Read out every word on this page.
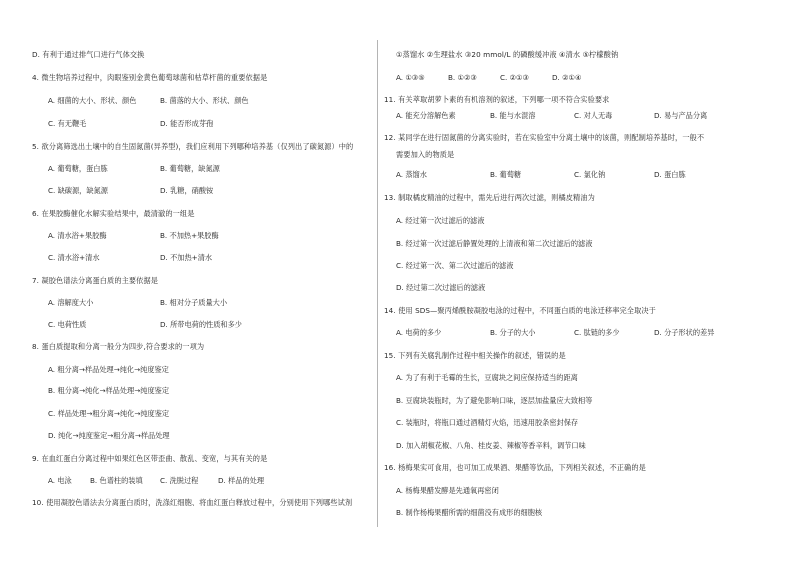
D. 有利于通过排气口进行气体交换
4. 微生物培养过程中，肉眼鉴别金黄色葡萄球菌和枯草杆菌的重要依据是
A. 细菌的大小、形状、颜色	B. 菌落的大小、形状、颜色
C. 有无鞭毛	D. 能否形成芽孢
5. 欲分离筛选出土壤中的自生固氮菌(异养型)，我们应利用下列哪种培养基（仅列出了碳氮源）中的
A. 葡萄糖，蛋白胨	B. 葡萄糖，缺氮源
C. 缺碳源，缺氮源	D. 乳糖，硝酸铵
6. 在果胶酶催化水解实验结果中，最清澈的一组是
A. 清水浴+果胶酶	B. 不加热+果胶酶
C. 清水浴+清水	D. 不加热+清水
7. 凝胶色谱法分离蛋白质的主要依据是
A. 溶解度大小	B. 相对分子质量大小
C. 电荷性质	D. 所带电荷的性质和多少
8. 蛋白质提取和分离一般分为四步,符合要求的一项为
A. 粗分离→样品处理→纯化→纯度鉴定
B. 粗分离→纯化→样品处理→纯度鉴定
C. 样品处理→粗分离→纯化→纯度鉴定
D. 纯化→纯度鉴定→粗分离→样品处理
9. 在血红蛋白分离过程中如果红色区带歪曲、散乱、变宽，与其有关的是
A. 电泳	B. 色谱柱的装填 C. 洗脱过程	D. 样品的处理
10. 使用凝胶色谱法去分离蛋白质时，洗涤红细胞、将血红蛋白释放过程中，分别使用下列哪些试剂
①蒸馏水 ②生理盐水 ③20 mmol/L 的磷酸缓冲液 ④清水 ⑤柠檬酸钠
A. ①③⑤	B. ①②③	C. ②①③	D. ②①④
11. 有关萃取胡萝卜素的有机溶剂的叙述，下列哪一项不符合实验要求
A. 能充分溶解色素	B. 能与水混溶	C. 对人无毒	D. 易与产品分离
12. 某同学在进行固氮菌的分离实验时，若在实验室中分离土壤中的该菌，则配制培养基时，一般不
需要加入的物质是
A. 蒸馏水	B. 葡萄糖	C. 氯化钠	D. 蛋白胨
13. 制取橘皮精油的过程中，需先后进行两次过滤，则橘皮精油为
A. 经过第一次过滤后的滤液
B. 经过第一次过滤后静置处理的上清液和第二次过滤后的滤液
C. 经过第一次、第二次过滤后的滤液
D. 经过第二次过滤后的滤液
14. 使用 SDS—聚丙烯酰胺凝胶电泳的过程中，不同蛋白质的电泳迁移率完全取决于
A. 电荷的多少	B. 分子的大小	C. 肽链的多少	D. 分子形状的差异
15. 下列有关腐乳制作过程中相关操作的叙述，错误的是
A. 为了有利于毛霉的生长，豆腐块之间应保持适当的距离
B. 豆腐块装瓶时，为了避免影响口味，逐层加盐量应大致相等
C. 装瓶时，将瓶口通过酒精灯火焰，迅速用胶条密封保存
D. 加入胡椒花椒、八角、桂皮姜、辣椒等香辛料，调节口味
16. 杨梅果实可食用，也可加工成果酒、果醋等饮品，下列相关叙述，不正确的是
A. 杨梅果醋发酵是先通氧再密闭
B. 制作杨梅果醋所需的细菌没有成形的细胞核
